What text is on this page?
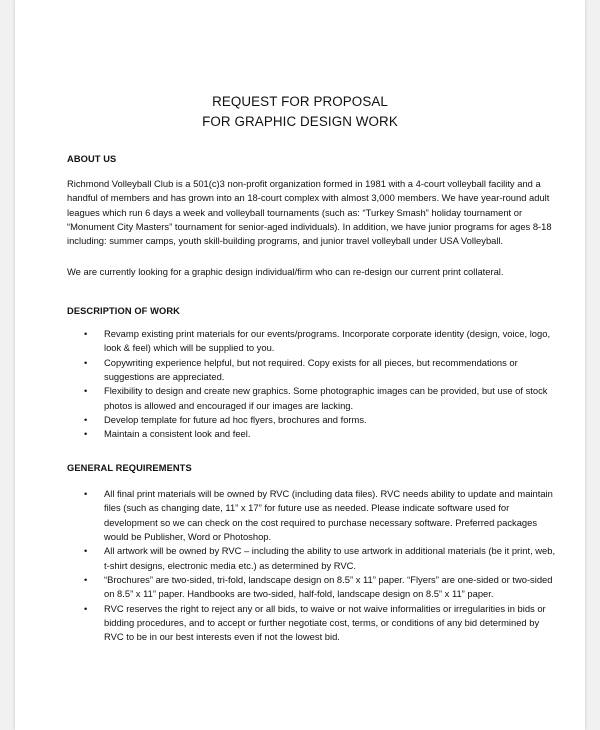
REQUEST FOR PROPOSAL
FOR GRAPHIC DESIGN WORK
ABOUT US
Richmond Volleyball Club is a 501(c)3 non-profit organization formed in 1981 with a 4-court volleyball facility and a handful of members and has grown into an 18-court complex with almost 3,000 members. We have year-round adult leagues which run 6 days a week and volleyball tournaments (such as: “Turkey Smash” holiday tournament or “Monument City Masters” tournament for senior-aged individuals). In addition, we have junior programs for ages 8-18 including: summer camps, youth skill-building programs, and junior travel volleyball under USA Volleyball.
We are currently looking for a graphic design individual/firm who can re-design our current print collateral.
DESCRIPTION OF WORK
• Revamp existing print materials for our events/programs. Incorporate corporate identity (design, voice, logo, look & feel) which will be supplied to you.
• Copywriting experience helpful, but not required. Copy exists for all pieces, but recommendations or suggestions are appreciated.
• Flexibility to design and create new graphics. Some photographic images can be provided, but use of stock photos is allowed and encouraged if our images are lacking.
• Develop template for future ad hoc flyers, brochures and forms.
• Maintain a consistent look and feel.
GENERAL REQUIREMENTS
• All final print materials will be owned by RVC (including data files). RVC needs ability to update and maintain files (such as changing date, 11” x 17” for future use as needed. Please indicate software used for development so we can check on the cost required to purchase necessary software. Preferred packages would be Publisher, Word or Photoshop.
• All artwork will be owned by RVC – including the ability to use artwork in additional materials (be it print, web, t-shirt designs, electronic media etc.) as determined by RVC.
• “Brochures” are two-sided, tri-fold, landscape design on 8.5” x 11” paper. “Flyers” are one-sided or two-sided on 8.5” x 11” paper. Handbooks are two-sided, half-fold, landscape design on 8.5” x 11” paper.
• RVC reserves the right to reject any or all bids, to waive or not waive informalities or irregularities in bids or bidding procedures, and to accept or further negotiate cost, terms, or conditions of any bid determined by RVC to be in our best interests even if not the lowest bid.
